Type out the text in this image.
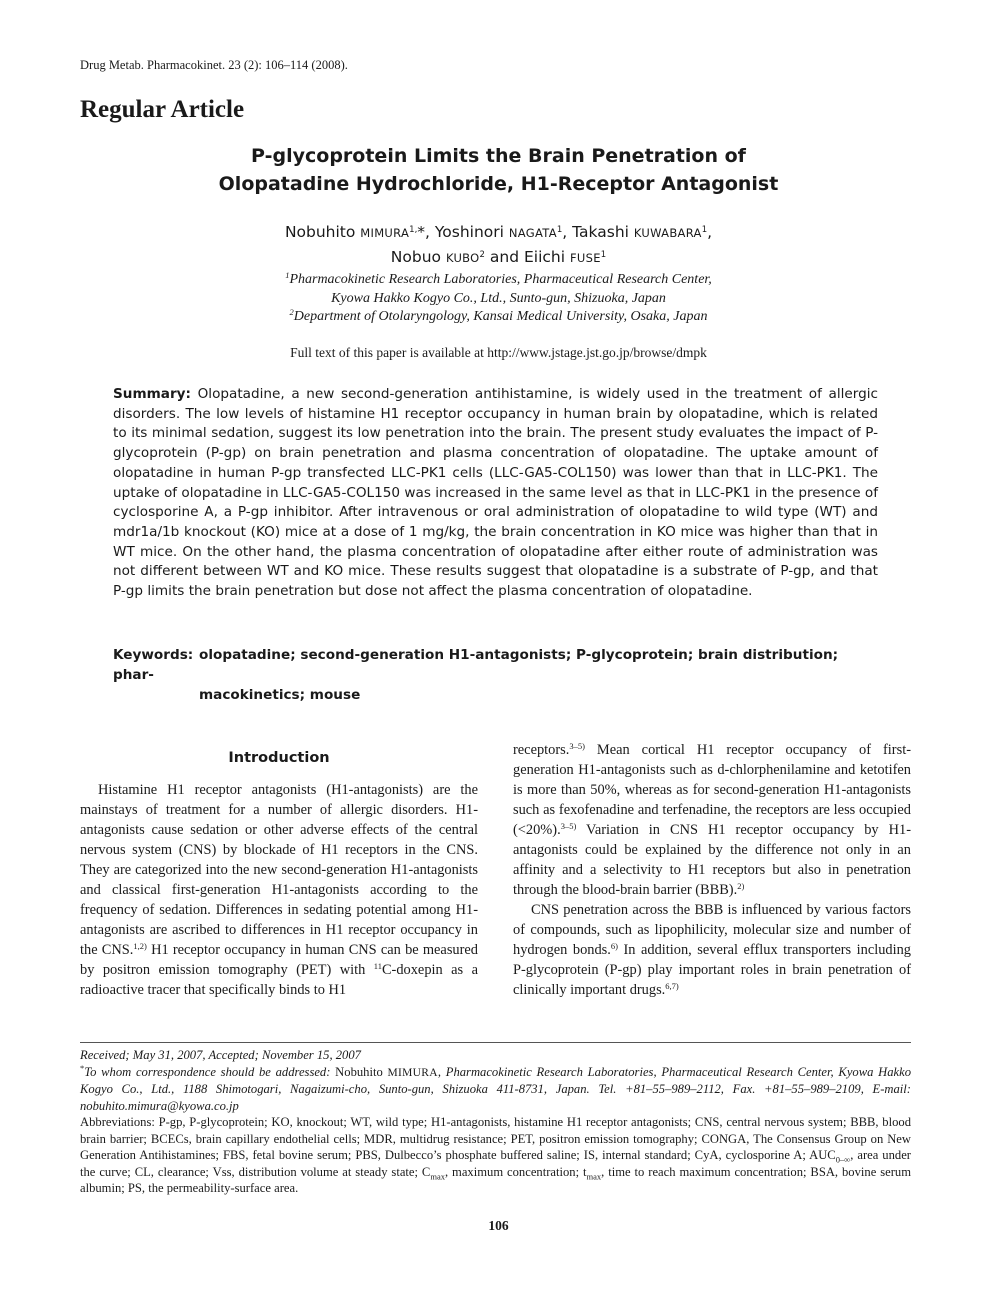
Drug Metab. Pharmacokinet. 23 (2): 106–114 (2008).
Regular Article
P-glycoprotein Limits the Brain Penetration of
Olopatadine Hydrochloride, H1-Receptor Antagonist
Nobuhito $MIMURA^{1,}*$, Yoshinori NAGATA$^1$, Takashi KUWABARA$^1$,
Nobuo KUBO$^2$ and Eiichi FUSE$^1$
$^1$Pharmacokinetic Research Laboratories, Pharmaceutical Research Center,
Kyowa Hakko Kogyo Co., Ltd., Sunto-gun, Shizuoka, Japan
$^2$Department of Otolaryngology, Kansai Medical University, Osaka, Japan
Full text of this paper is available at http://www.jstage.jst.go.jp/browse/dmpk
Summary: Olopatadine, a new second-generation antihistamine, is widely used in the treatment of allergic disorders. The low levels of histamine H1 receptor occupancy in human brain by olopatadine, which is related to its minimal sedation, suggest its low penetration into the brain. The present study evaluates the impact of P-glycoprotein (P-gp) on brain penetration and plasma concentration of olopatadine. The uptake amount of olopatadine in human P-gp transfected LLC-PK1 cells (LLC-GA5-COL150) was lower than that in LLC-PK1. The uptake of olopatadine in LLC-GA5-COL150 was increased in the same level as that in LLC-PK1 in the presence of cyclosporine A, a P-gp inhibitor. After intravenous or oral administration of olopatadine to wild type (WT) and mdr1a/1b knockout (KO) mice at a dose of 1 mg/kg, the brain concentration in KO mice was higher than that in WT mice. On the other hand, the plasma concentration of olopatadine after either route of administration was not different between WT and KO mice. These results suggest that olopatadine is a substrate of P-gp, and that P-gp limits the brain penetration but dose not affect the plasma concentration of olopatadine.
Keywords: olopatadine; second-generation H1-antagonists; P-glycoprotein; brain distribution; phar-
macokinetics; mouse
Introduction

Histamine H1 receptor antagonists (H1-antagonists) are the mainstays of treatment for a number of allergic disorders. H1-antagonists cause sedation or other adverse effects of the central nervous system (CNS) by blockade of H1 receptors in the CNS. They are categorized into the new second-generation H1-antagonists and classical first-generation H1-antagonists according to the frequency of sedation. Differences in sedating potential among H1-antagonists are ascribed to differences in H1 receptor occupancy in the CNS.$^{1,2)}$ H1 receptor occupancy in human CNS can be measured by positron emission tomography (PET) with $^{11}$C-doxepin as a radioactive tracer that specifically binds to H1

receptors.$^{3-5)}$ Mean cortical H1 receptor occupancy of first-generation H1-antagonists such as d-chlorphenilamine and ketotifen is more than 50%, whereas as for second-generation H1-antagonists such as fexofenadine and terfenadine, the receptors are less occupied (<20%).$^{3-5)}$ Variation in CNS H1 receptor occupancy by H1-antagonists could be explained by the difference not only in an affinity and a selectivity to H1 receptors but also in penetration through the blood-brain barrier (BBB).$^{2)}$

CNS penetration across the BBB is influenced by various factors of compounds, such as lipophilicity, molecular size and number of hydrogen bonds.$^{6)}$ In addition, several efflux transporters including P-glycoprotein (P-gp) play important roles in brain penetration of clinically important drugs.$^{6,7)}$

Received; May 31, 2007, Accepted; November 15, 2007
*To whom correspondence should be addressed: Nobuhito MIMURA, Pharmacokinetic Research Laboratories, Pharmaceutical Research Center, Kyowa Hakko Kogyo Co., Ltd., 1188 Shimotogari, Nagaizumi-cho, Sunto-gun, Shizuoka 411-8731, Japan. Tel. +81–55–989–2112, Fax. +81–55–989–2109, E-mail: nobuhito.mimura@kyowa.co.jp
Abbreviations: P-gp, P-glycoprotein; KO, knockout; WT, wild type; H1-antagonists, histamine H1 receptor antagonists; CNS, central nervous system; BBB, blood brain barrier; BCECs, brain capillary endothelial cells; MDR, multidrug resistance; PET, positron emission tomography; CONGA, The Consensus Group on New Generation Antihistamines; FBS, fetal bovine serum; PBS, Dulbecco’s phosphate buffered saline; IS, internal standard; CyA, cyclosporine A; $AUC_{0-\infty}$, area under the curve; CL, clearance; Vss, distribution volume at steady state; $C_{max}$, maximum concentration; $t_{max}$, time to reach maximum concentration; BSA, bovine serum albumin; PS, the permeability-surface area.
106
